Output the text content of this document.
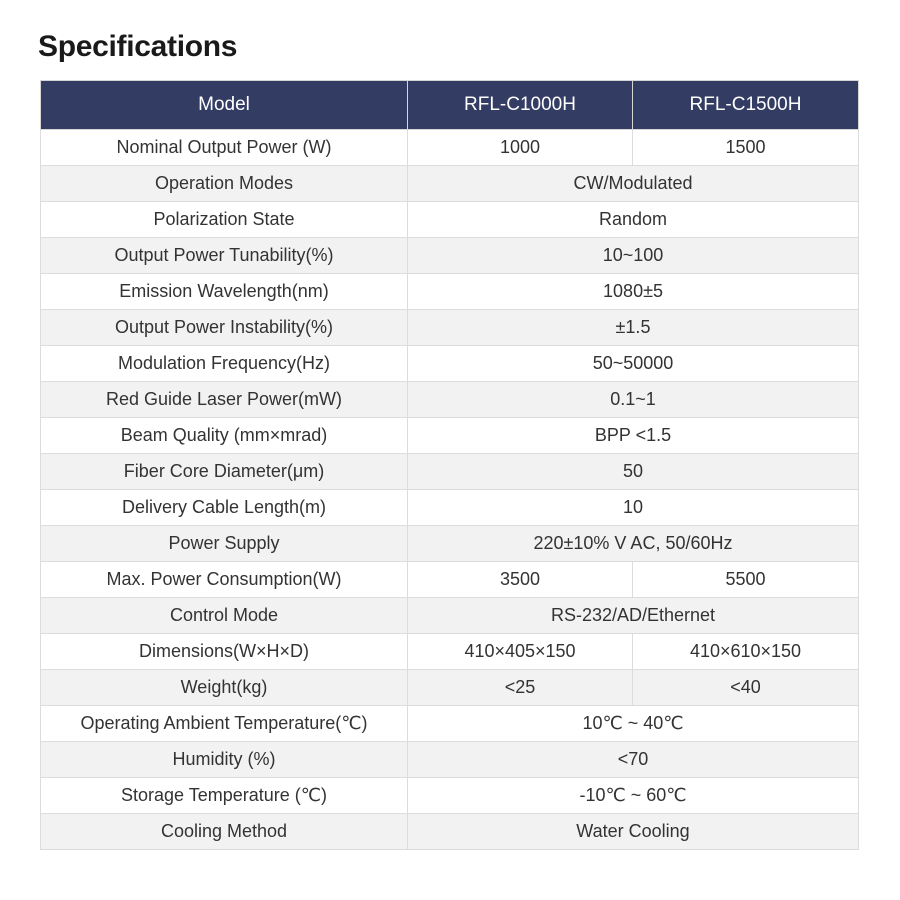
Specifications
Model	RFL-C1000H	RFL-C1500H
Nominal Output Power (W)	1000	1500
Operation Modes	CW/Modulated	
Polarization State	Random	
Output Power Tunability(%)	10~100	
Emission Wavelength(nm)	1080±5	
Output Power Instability(%)	±1.5	
Modulation Frequency(Hz)	50~50000	
Red Guide Laser Power(mW)	0.1~1	
Beam Quality (mm×mrad)	BPP <1.5	
Fiber Core Diameter(μm)	50	
Delivery Cable Length(m)	10	
Power Supply	220±10% V AC, 50/60Hz	
Max. Power Consumption(W)	3500	5500
Control Mode	RS-232/AD/Ethernet	
Dimensions(W×H×D)	410×405×150	410×610×150
Weight(kg)	<25	<40
Operating Ambient Temperature(℃)	10℃ ~ 40℃	
Humidity (%)	<70	
Storage Temperature (℃)	-10℃ ~ 60℃	
Cooling Method	Water Cooling	
